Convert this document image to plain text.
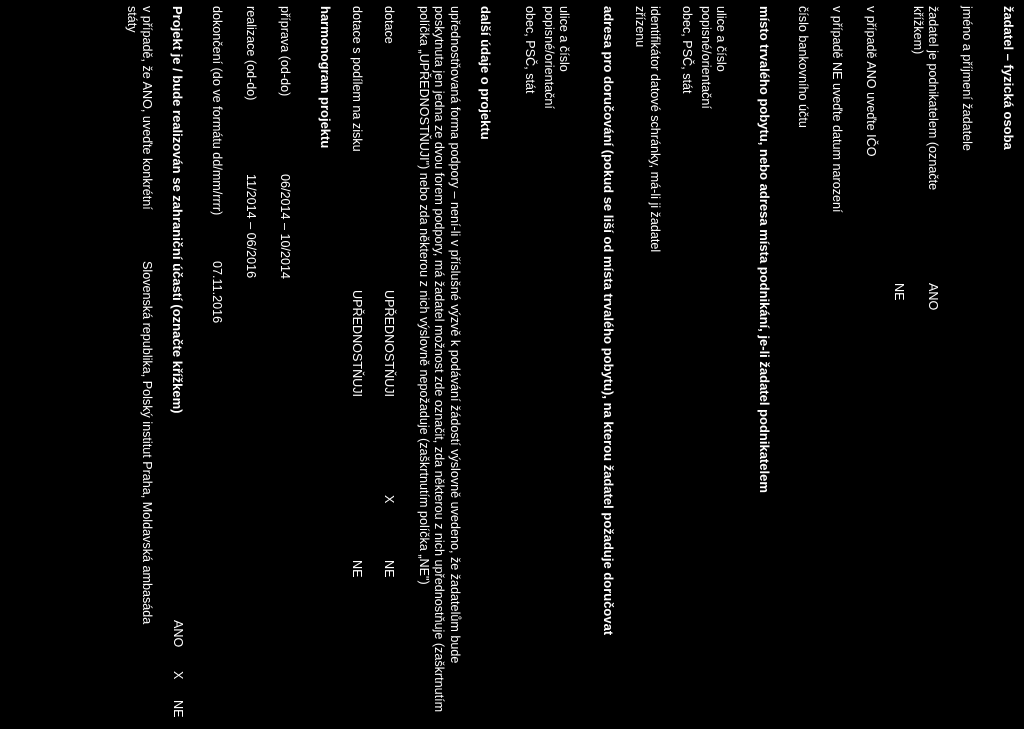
žadatel – fyzická osoba
jméno a příjmení žadatele
žadatel je podnikatelem (označte
křížkem)
ANO
NE
v případě ANO uveďte IČO
v případě NE uveďte datum narození
číslo bankovního účtu
místo trvalého pobytu, nebo adresa místa podnikání, je-li žadatel podnikatelem
ulice a číslo
popisné/orientační
obec, PSČ, stát
identifikátor datové schránky, má-li ji žadatel
zřízenu
adresa pro doručování (pokud se liší od místa trvalého pobytu), na kterou žadatel požaduje doručovat
ulice a číslo
popisné/orientační
obec, PSČ, stát
další údaje o projektu
upřednostňovaná forma podpory – není-li v příslušné výzvě k podávání žádostí výslovně uvedeno, že žadatelům bude poskytnuta jen jedna ze dvou forem podpory, má žadatel možnost zde označit, zda některou z nich upřednostňuje (zaškrtnutím políčka „UPŘEDNOSTŇUJI") nebo zda některou z nich výslovně nepožaduje (zaškrtnutím políčka „NE")
dotace
UPŘEDNOSTŇUJI
X
NE
dotace s podílem na zisku
UPŘEDNOSTŇUJI
NE
harmonogram projektu
příprava (od-do)
06/2014 – 10/2014
realizace (od-do)
11/2014 – 06/2016
dokončení (do ve formátu dd/mm/rrrr)
07.11.2016
Projekt je / bude realizován se zahraniční účastí (označte křížkem)
ANO
X
NE
v případě, že ANO, uveďte konkrétní
státy
Slovenská republika, Polský institut Praha, Moldavská ambasáda
